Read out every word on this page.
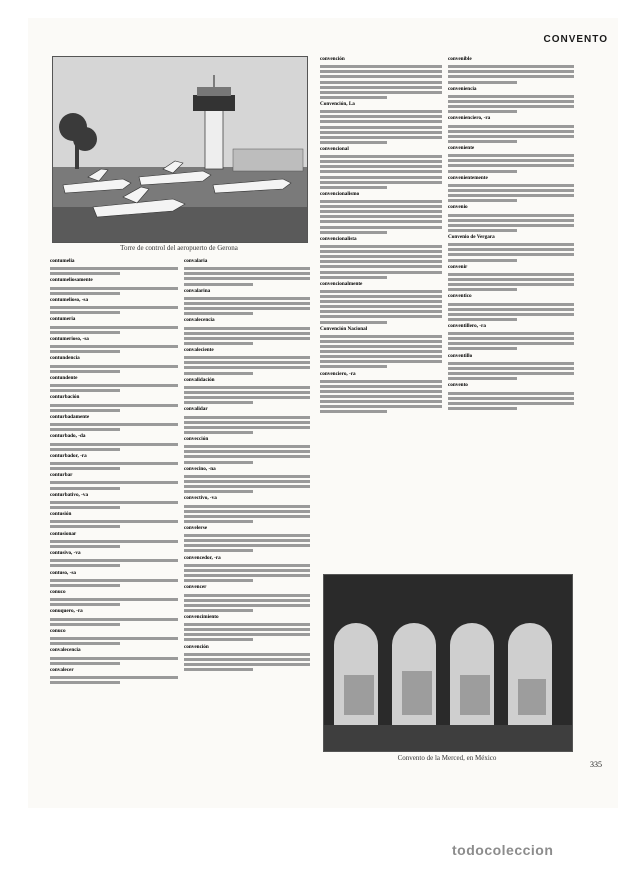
CONVENTO
Torre de control del aeropuerto de Gerona
contumelia
contumeliosamente
contumelioso, -sa
contumeria
contumerioso, -sa
contundencia
contundente
conturbación
conturbadamente
conturbado, -da
conturbador, -ra
conturbar
conturbativo, -va
contusión
contusionar
contusivo, -va
contuso, -sa
conuco
conuquero, -ra
conuco
convalecencia
convalecer
convalaria
convalarina
convalecencia
convaleciente
convalidación
convalidar
convección
convecino, -na
convectivo, -va
convelerse
convencedor, -ra
convencer
convencimiento
convención
convención
Convención, La
convencional
convencionalismo
convencionalista
convencionalmente
Convención Nacional
convenciero, -ra
convenible
conveniencia
convenienciero, -ra
conveniente
convenientemente
convenio
Convenio de Vergara
convenir
conventico
conventillero, -ra
conventillo
convento
Convento de la Merced, en México
335
todocoleccion
